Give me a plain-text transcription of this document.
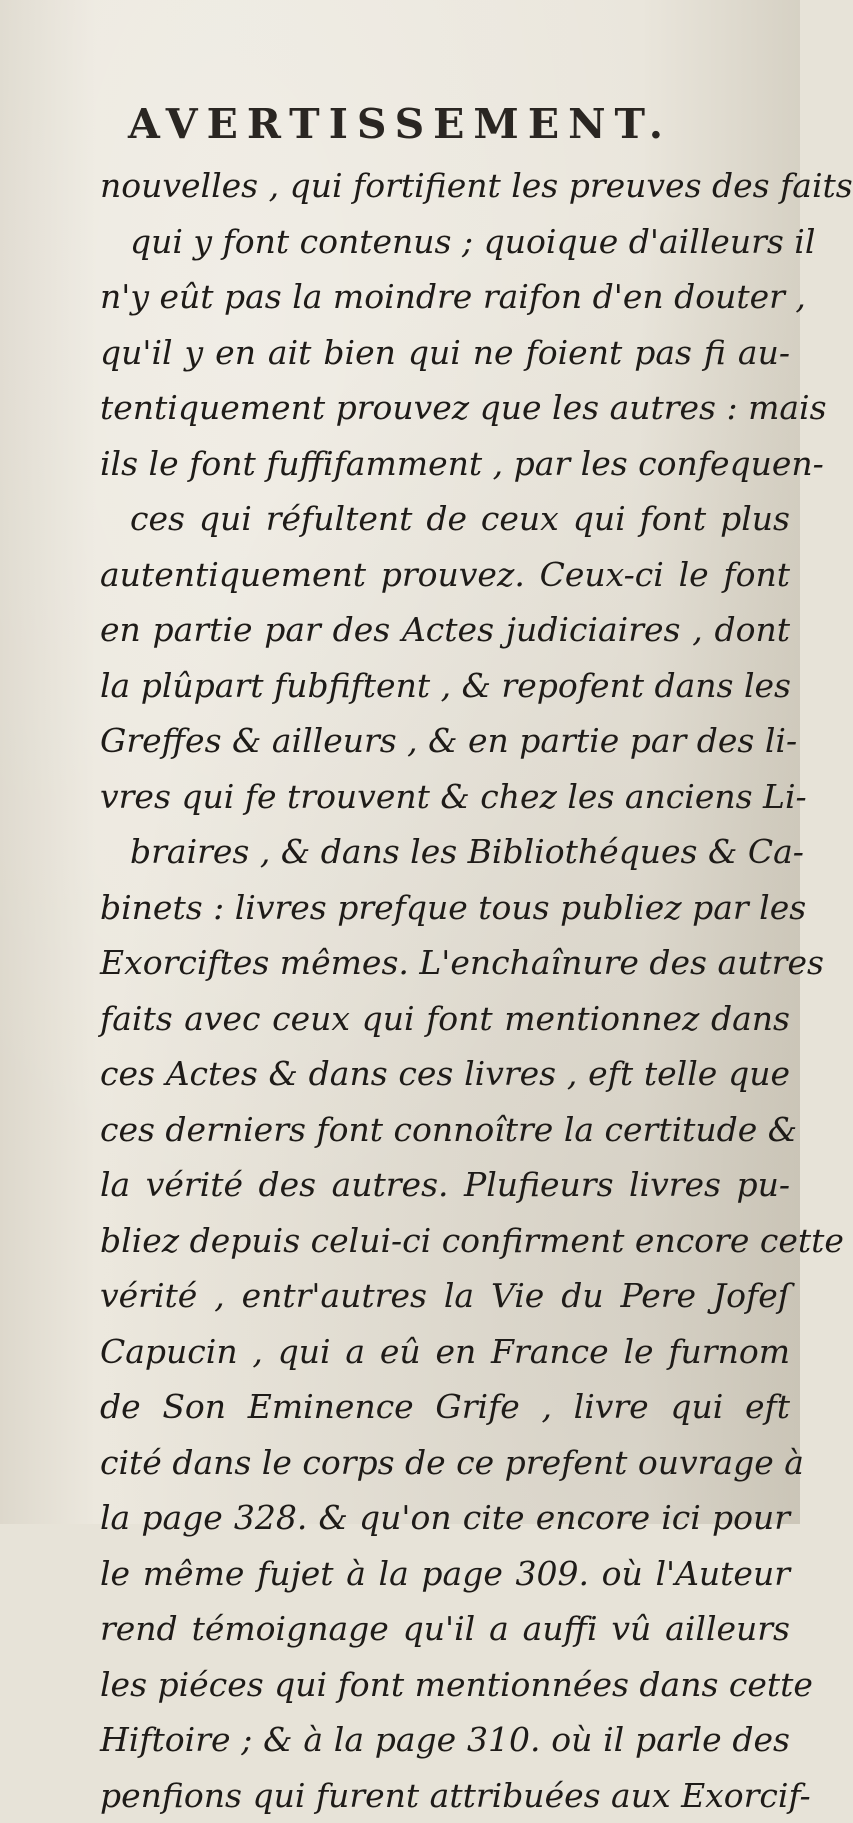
AVERTISSEMENT.
nouvelles , qui fortifient les preuves des faits
qui y font contenus ; quoique d'ailleurs il
n'y eût pas la moindre raifon d'en douter ,
qu'il y en ait bien qui ne foient pas fi au-
tentiquement prouvez que les autres : mais
ils le font fuffifamment , par les confequen-
ces qui réfultent de ceux qui font plus
autentiquement prouvez. Ceux-ci le font
en partie par des Actes judiciaires , dont
la plûpart fubfiftent , & repofent dans les
Greffes & ailleurs , & en partie par des li-
vres qui fe trouvent & chez les anciens Li-
braires , & dans les Bibliothéques & Ca-
binets : livres prefque tous publiez par les
Exorciftes mêmes. L'enchaînure des autres
faits avec ceux qui font mentionnez dans
ces Actes & dans ces livres , eft telle que
ces derniers font connoître la certitude &
la vérité des autres. Plufieurs livres pu-
bliez depuis celui-ci confirment encore cette
vérité , entr'autres la Vie du Pere Jofeſ
Capucin , qui a eû en France le furnom
de Son Eminence Grife , livre qui eft
cité dans le corps de ce prefent ouvrage à
la page 328. & qu'on cite encore ici pour
le même fujet à la page 309. où l'Auteur
rend témoignage qu'il a auffi vû ailleurs
les piéces qui font mentionnées dans cette
Hiftoire ; & à la page 310. où il parle des
penfions qui furent attribuées aux Exorcif-
